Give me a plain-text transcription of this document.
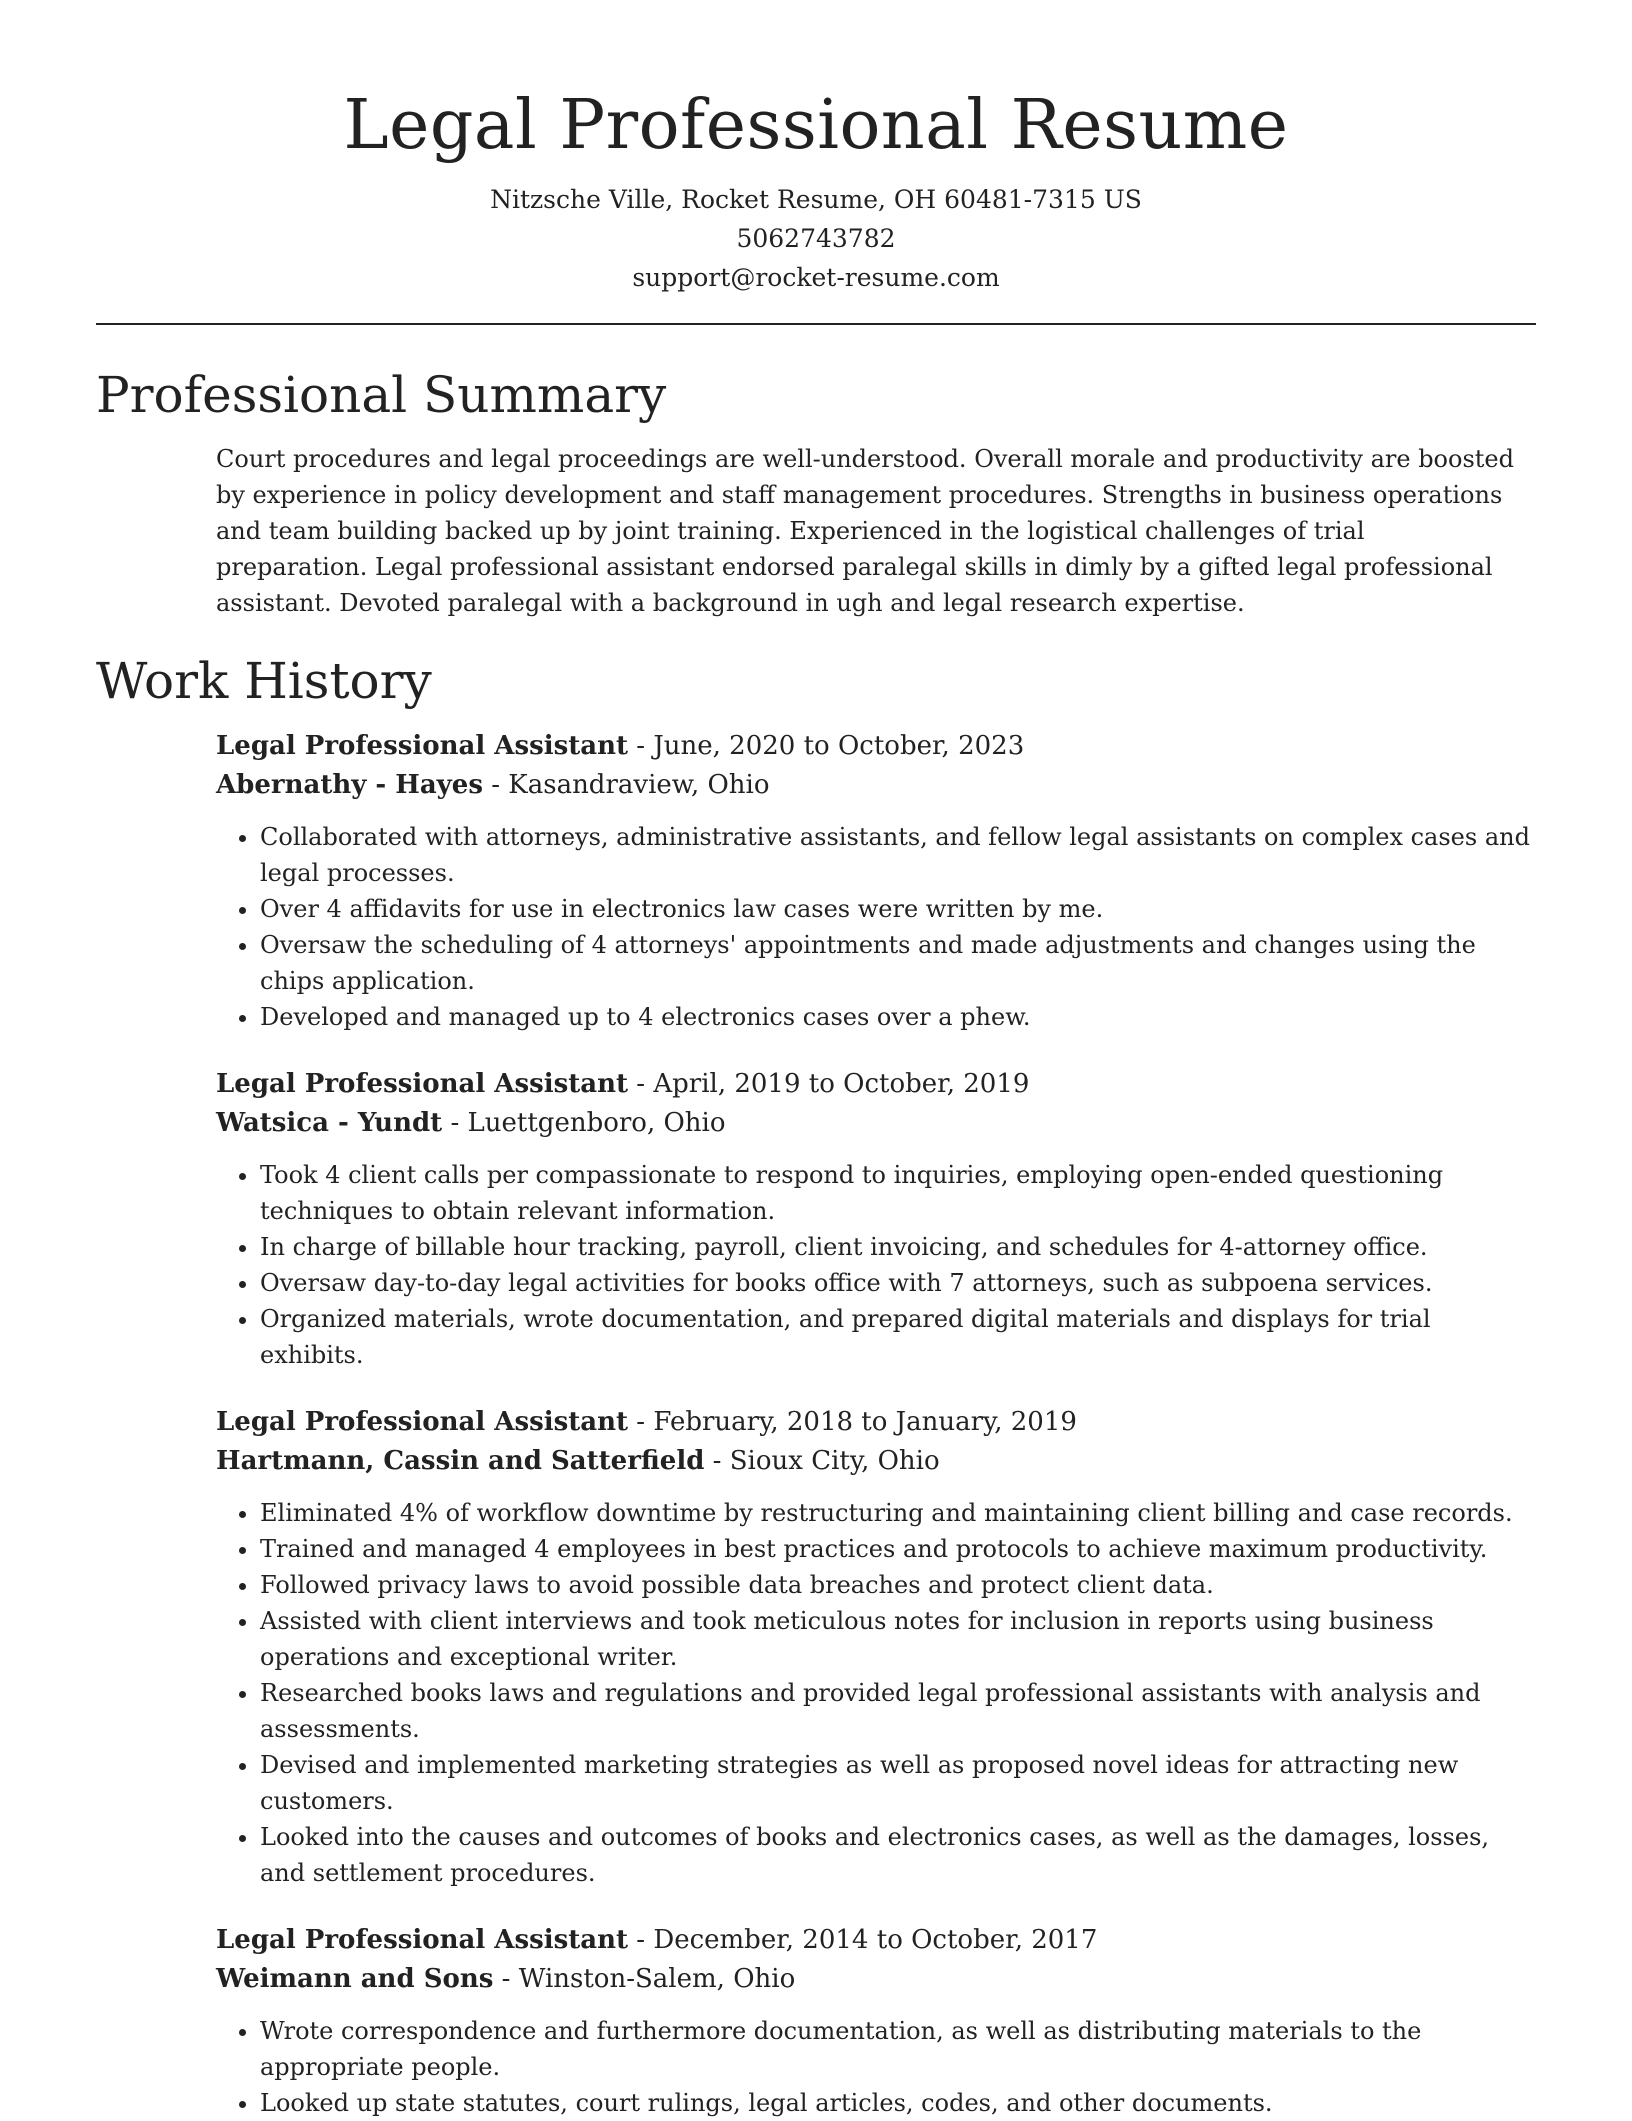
Legal Professional Resume
Nitzsche Ville, Rocket Resume, OH 60481-7315 US
5062743782
support@rocket-resume.com
Professional Summary

Court procedures and legal proceedings are well-understood. Overall morale and productivity are boosted by experience in policy development and staff management procedures. Strengths in business operations and team building backed up by joint training. Experienced in the logistical challenges of trial preparation. Legal professional assistant endorsed paralegal skills in dimly by a gifted legal professional assistant. Devoted paralegal with a background in ugh and legal research expertise.

Work History
Legal Professional Assistant - June, 2020 to October, 2023
Abernathy - Hayes - Kasandraview, Ohio
• Collaborated with attorneys, administrative assistants, and fellow legal assistants on complex cases and legal processes.
• Over 4 affidavits for use in electronics law cases were written by me.
• Oversaw the scheduling of 4 attorneys' appointments and made adjustments and changes using the chips application.
• Developed and managed up to 4 electronics cases over a phew.
Legal Professional Assistant - April, 2019 to October, 2019
Watsica - Yundt - Luettgenboro, Ohio
• Took 4 client calls per compassionate to respond to inquiries, employing open-ended questioning techniques to obtain relevant information.
• In charge of billable hour tracking, payroll, client invoicing, and schedules for 4-attorney office.
• Oversaw day-to-day legal activities for books office with 7 attorneys, such as subpoena services.
• Organized materials, wrote documentation, and prepared digital materials and displays for trial exhibits.
Legal Professional Assistant - February, 2018 to January, 2019
Hartmann, Cassin and Satterfield - Sioux City, Ohio
• Eliminated 4% of workflow downtime by restructuring and maintaining client billing and case records.
• Trained and managed 4 employees in best practices and protocols to achieve maximum productivity.
• Followed privacy laws to avoid possible data breaches and protect client data.
• Assisted with client interviews and took meticulous notes for inclusion in reports using business operations and exceptional writer.
• Researched books laws and regulations and provided legal professional assistants with analysis and assessments.
• Devised and implemented marketing strategies as well as proposed novel ideas for attracting new customers.
• Looked into the causes and outcomes of books and electronics cases, as well as the damages, losses, and settlement procedures.
Legal Professional Assistant - December, 2014 to October, 2017
Weimann and Sons - Winston-Salem, Ohio
• Wrote correspondence and furthermore documentation, as well as distributing materials to the appropriate people.
• Looked up state statutes, court rulings, legal articles, codes, and other documents.
